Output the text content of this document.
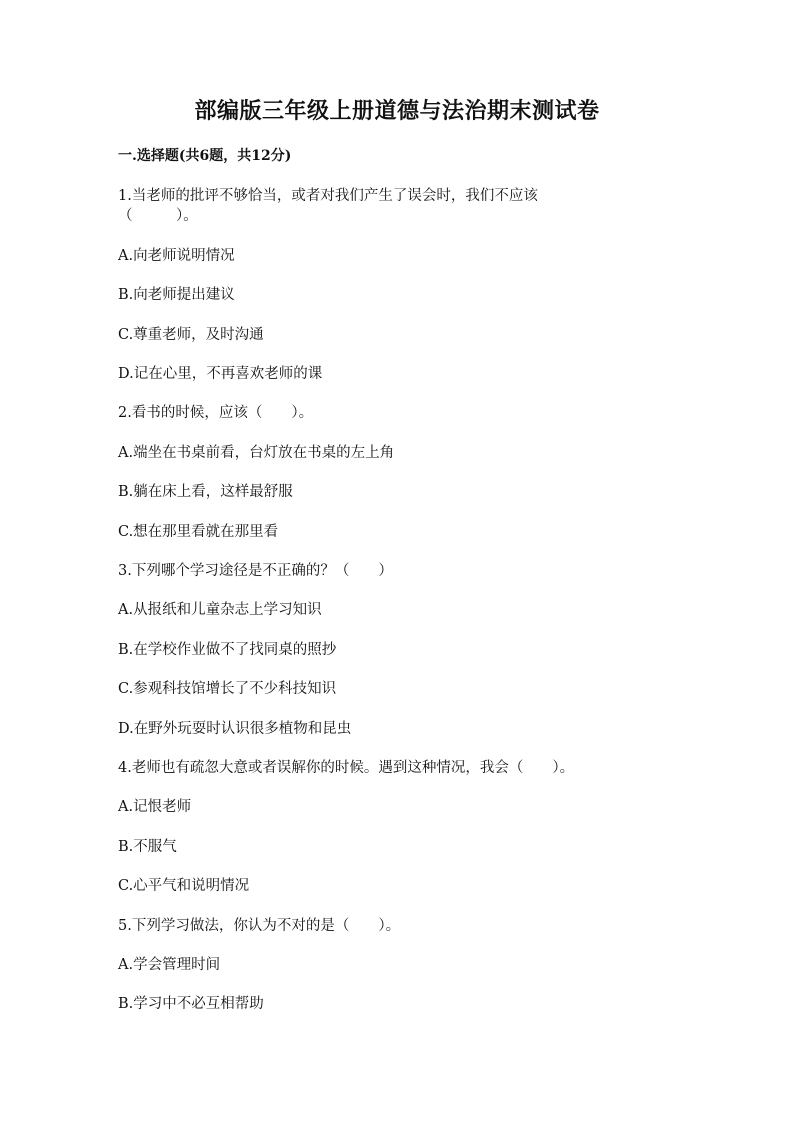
部编版三年级上册道德与法治期末测试卷
一.选择题(共6题，共12分)
1.当老师的批评不够恰当，或者对我们产生了误会时，我们不应该
（　　　）。
A.向老师说明情况
B.向老师提出建议
C.尊重老师，及时沟通
D.记在心里，不再喜欢老师的课
2.看书的时候，应该（　　）。
A.端坐在书桌前看，台灯放在书桌的左上角
B.躺在床上看，这样最舒服
C.想在那里看就在那里看
3.下列哪个学习途径是不正确的？（　　）
A.从报纸和儿童杂志上学习知识
B.在学校作业做不了找同桌的照抄
C.参观科技馆增长了不少科技知识
D.在野外玩耍时认识很多植物和昆虫
4.老师也有疏忽大意或者误解你的时候。遇到这种情况，我会（　　）。
A.记恨老师
B.不服气
C.心平气和说明情况
5.下列学习做法，你认为不对的是（　　）。
A.学会管理时间
B.学习中不必互相帮助
